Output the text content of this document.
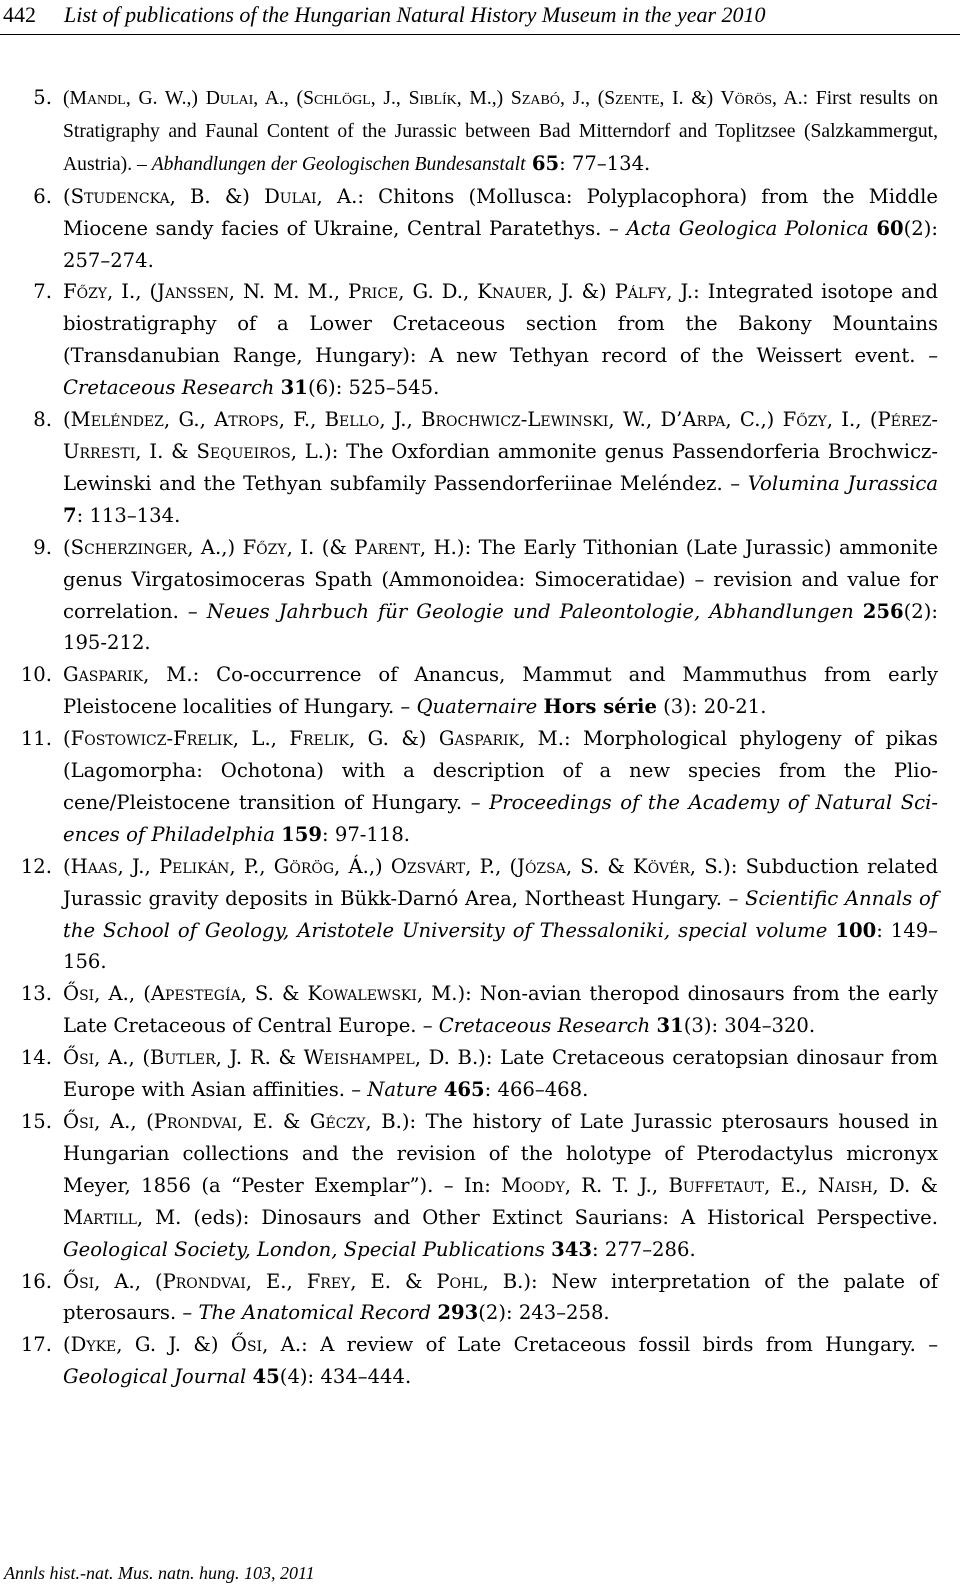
442 List of publications of the Hungarian Natural History Museum in the year 2010
5. (Mandl, G. W.,) Dulai, A., (Schlögl, J., Siblík, M.,) Szabó, J., (Szente, I. &) Vörös, A.: First results on Stratigraphy and Faunal Content of the Jurassic between Bad Mitterndorf and Toplitzsee (Salzkammergut, Austria). – Abhandlungen der Geologischen Bundesanstalt 65: 77–134.
6. (Studencka, B. &) Dulai, A.: Chitons (Mollusca: Polyplacophora) from the Middle Miocene sandy facies of Ukraine, Central Paratethys. – Acta Geologica Polonica 60(2): 257–274.
7. Főzy, I., (Janssen, N. M. M., Price, G. D., Knauer, J. &) Pálfy, J.: Integrated isotope and biostratigraphy of a Lower Cretaceous section from the Bakony Mountains (Transdanubian Range, Hungary): A new Tethyan record of the Weissert event. – Cretaceous Research 31(6): 525–545.
8. (Meléndez, G., Atrops, F., Bello, J., Brochwicz-Lewinski, W., D’Arpa, C.,) Főzy, I., (Pérez-Urresti, I. & Sequeiros, L.): The Oxfordian ammonite genus Passendorferia Brochwicz-Lewinski and the Tethyan subfamily Passendorferiinae Meléndez. – Volumina Jurassica 7: 113–134.
9. (Scherzinger, A.,) Főzy, I. (& Parent, H.): The Early Tithonian (Late Jurassic) ammonite genus Virgatosimoceras Spath (Ammonoidea: Simoceratidae) – revision and value for correlation. – Neues Jahrbuch für Geologie und Paleontologie, Abhandlungen 256(2): 195-212.
10. Gasparik, M.: Co-occurrence of Anancus, Mammut and Mammuthus from early Pleistocene localities of Hungary. – Quaternaire Hors série (3): 20-21.
11. (Fostowicz-Frelik, L., Frelik, G. &) Gasparik, M.: Morphological phylogeny of pikas (Lagomorpha: Ochotona) with a description of a new species from the Pliocene/Pleistocene transition of Hungary. – Proceedings of the Academy of Natural Sciences of Philadelphia 159: 97-118.
12. (Haas, J., Pelikán, P., Görög, Á.,) Ozsvárt, P., (Józsa, S. & Kövér, S.): Subduction related Jurassic gravity deposits in Bükk-Darnó Area, Northeast Hungary. – Scientific Annals of the School of Geology, Aristotele University of Thessaloniki, special volume 100: 149–156.
13. Ősi, A., (Apestegía, S. & Kowalewski, M.): Non-avian theropod dinosaurs from the early Late Cretaceous of Central Europe. – Cretaceous Research 31(3): 304–320.
14. Ősi, A., (Butler, J. R. & Weishampel, D. B.): Late Cretaceous ceratopsian dinosaur from Europe with Asian affinities. – Nature 465: 466–468.
15. Ősi, A., (Prondvai, E. & Géczy, B.): The history of Late Jurassic pterosaurs housed in Hungarian collections and the revision of the holotype of Pterodactylus micronyx Meyer, 1856 (a “Pester Exemplar”). – In: Moody, R. T. J., Buffetaut, E., Naish, D. & Martill, M. (eds): Dinosaurs and Other Extinct Saurians: A Historical Perspective. Geological Society, London, Special Publications 343: 277–286.
16. Ősi, A., (Prondvai, E., Frey, E. & Pohl, B.): New interpretation of the palate of pterosaurs. – The Anatomical Record 293(2): 243–258.
17. (Dyke, G. J. &) Ősi, A.: A review of Late Cretaceous fossil birds from Hungary. – Geological Journal 45(4): 434–444.
Annls hist.-nat. Mus. natn. hung. 103, 2011
